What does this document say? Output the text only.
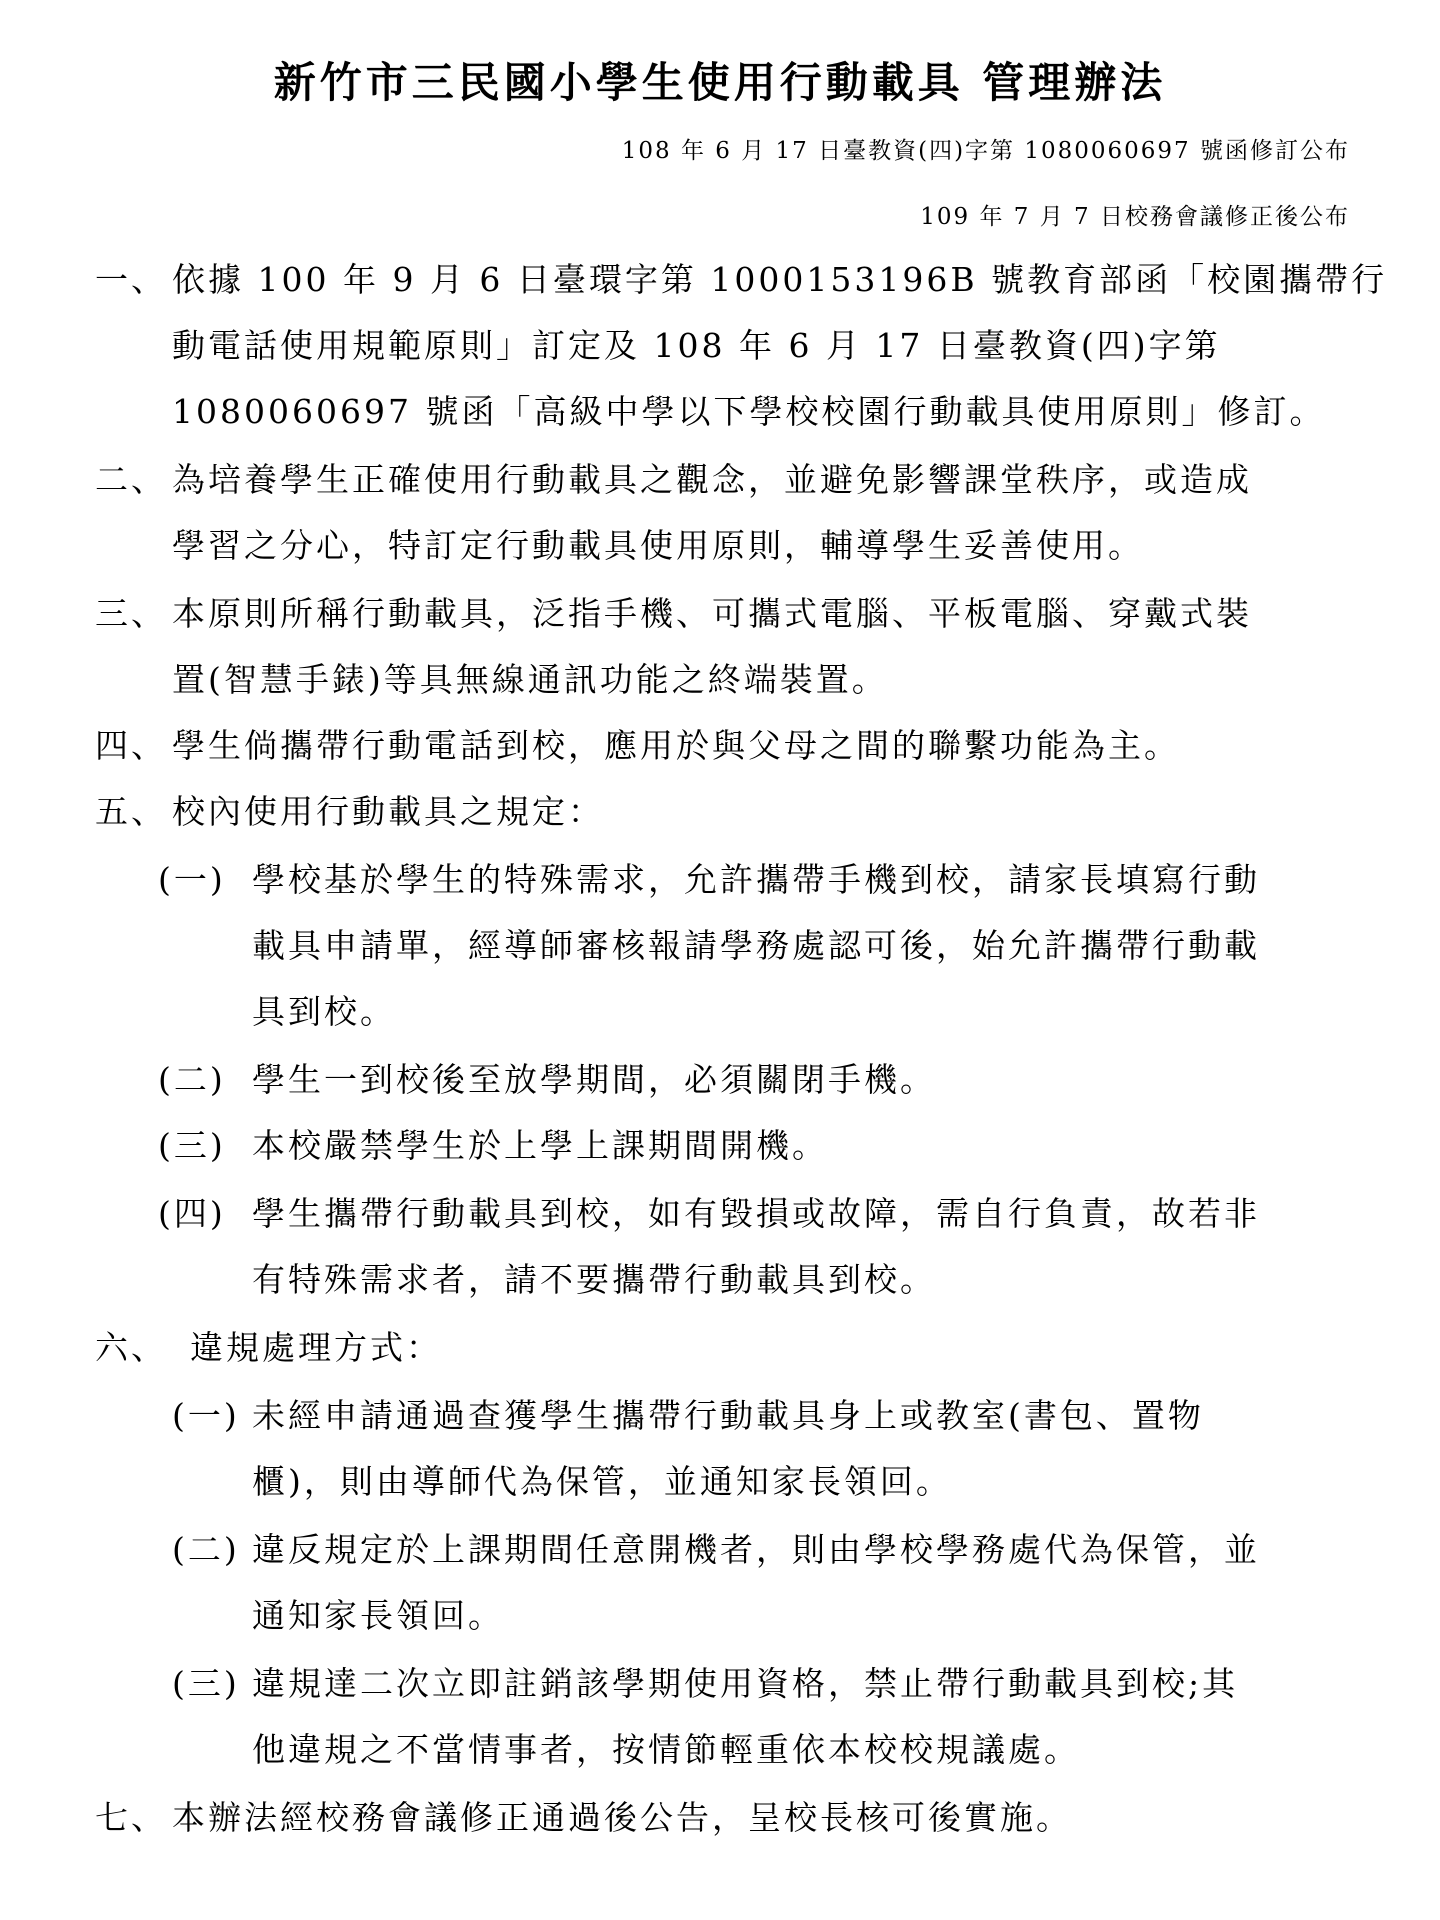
新竹市三民國小學生使用行動載具 管理辦法
108 年 6 月 17 日臺教資(四)字第 1080060697 號函修訂公布
109 年 7 月 7 日校務會議修正後公布
一、 依據 100 年 9 月 6 日臺環字第 1000153196B 號教育部函「校園攜帶行
動電話使用規範原則」訂定及 108 年 6 月 17 日臺教資(四)字第
1080060697 號函「高級中學以下學校校園行動載具使用原則」修訂。
二、 為培養學生正確使用行動載具之觀念，並避免影響課堂秩序，或造成
學習之分心，特訂定行動載具使用原則，輔導學生妥善使用。
三、 本原則所稱行動載具，泛指手機、可攜式電腦、平板電腦、穿戴式裝
置(智慧手錶)等具無線通訊功能之終端裝置。
四、 學生倘攜帶行動電話到校，應用於與父母之間的聯繫功能為主。
五、 校內使用行動載具之規定：
(一) 學校基於學生的特殊需求，允許攜帶手機到校，請家長填寫行動
載具申請單，經導師審核報請學務處認可後，始允許攜帶行動載
具到校。
(二) 學生一到校後至放學期間，必須關閉手機。
(三) 本校嚴禁學生於上學上課期間開機。
(四) 學生攜帶行動載具到校，如有毀損或故障，需自行負責，故若非
有特殊需求者，請不要攜帶行動載具到校。
六、 違規處理方式：
(一) 未經申請通過查獲學生攜帶行動載具身上或教室(書包、置物
櫃)，則由導師代為保管，並通知家長領回。
(二) 違反規定於上課期間任意開機者，則由學校學務處代為保管，並
通知家長領回。
(三) 違規達二次立即註銷該學期使用資格，禁止帶行動載具到校;其
他違規之不當情事者，按情節輕重依本校校規議處。
七、 本辦法經校務會議修正通過後公告，呈校長核可後實施。
